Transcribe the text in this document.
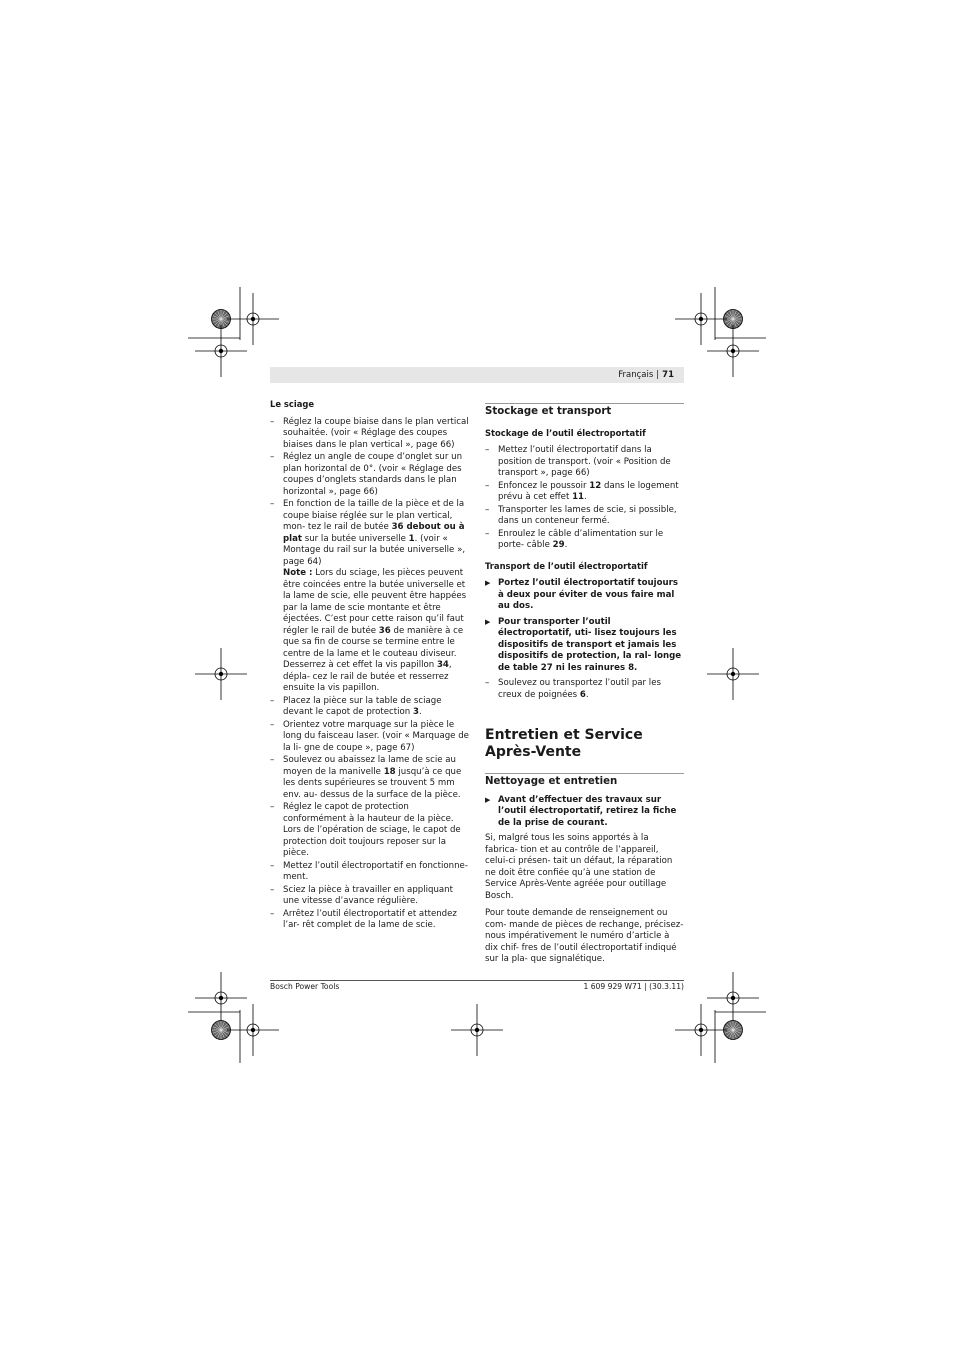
Français | 71
Le sciage
– Réglez la coupe biaise dans le plan vertical souhaitée. (voir « Réglage des coupes biaises dans le plan vertical », page 66)
– Réglez un angle de coupe d’onglet sur un plan horizontal de 0°. (voir « Réglage des coupes d’onglets standards dans le plan horizontal », page 66)
– En fonction de la taille de la pièce et de la coupe biaise réglée sur le plan vertical, mon- tez le rail de butée 36 debout ou à plat sur la butée universelle 1. (voir « Montage du rail sur la butée universelle », page 64)
Note : Lors du sciage, les pièces peuvent être coincées entre la butée universelle et la lame de scie, elle peuvent être happées par la lame de scie montante et être éjectées. C’est pour cette raison qu’il faut régler le rail de butée 36 de manière à ce que sa fin de course se termine entre le centre de la lame et le couteau diviseur.
Desserrez à cet effet la vis papillon 34, dépla- cez le rail de butée et resserrez ensuite la vis papillon.
– Placez la pièce sur la table de sciage devant le capot de protection 3.
– Orientez votre marquage sur la pièce le long du faisceau laser. (voir « Marquage de la li- gne de coupe », page 67)
– Soulevez ou abaissez la lame de scie au moyen de la manivelle 18 jusqu’à ce que les dents supérieures se trouvent 5 mm env. au- dessus de la surface de la pièce.
– Réglez le capot de protection conformément à la hauteur de la pièce.
Lors de l’opération de sciage, le capot de protection doit toujours reposer sur la pièce.
– Mettez l’outil électroportatif en fonctionne- ment.
– Sciez la pièce à travailler en appliquant une vitesse d’avance régulière.
– Arrêtez l’outil électroportatif et attendez l’ar- rêt complet de la lame de scie.
Stockage et transport
Stockage de l’outil électroportatif
– Mettez l’outil électroportatif dans la position de transport. (voir « Position de transport », page 66)
– Enfoncez le poussoir 12 dans le logement prévu à cet effet 11.
– Transporter les lames de scie, si possible, dans un conteneur fermé.
– Enroulez le câble d’alimentation sur le porte- câble 29.
Transport de l’outil électroportatif
▶ Portez l’outil électroportatif toujours à deux pour éviter de vous faire mal au dos.
▶ Pour transporter l’outil électroportatif, uti- lisez toujours les dispositifs de transport et jamais les dispositifs de protection, la ral- longe de table 27 ni les rainures 8.
– Soulevez ou transportez l’outil par les creux de poignées 6.
Entretien et Service Après-Vente
Nettoyage et entretien
▶ Avant d’effectuer des travaux sur l’outil électroportatif, retirez la fiche de la prise de courant.

Si, malgré tous les soins apportés à la fabrica- tion et au contrôle de l’appareil, celui-ci présen- tait un défaut, la réparation ne doit être confiée qu’à une station de Service Après-Vente agréée pour outillage Bosch.

Pour toute demande de renseignement ou com- mande de pièces de rechange, précisez-nous impérativement le numéro d’article à dix chif- fres de l’outil électroportatif indiqué sur la pla- que signalétique.

Bosch Power Tools	1 609 929 W71 | (30.3.11)
